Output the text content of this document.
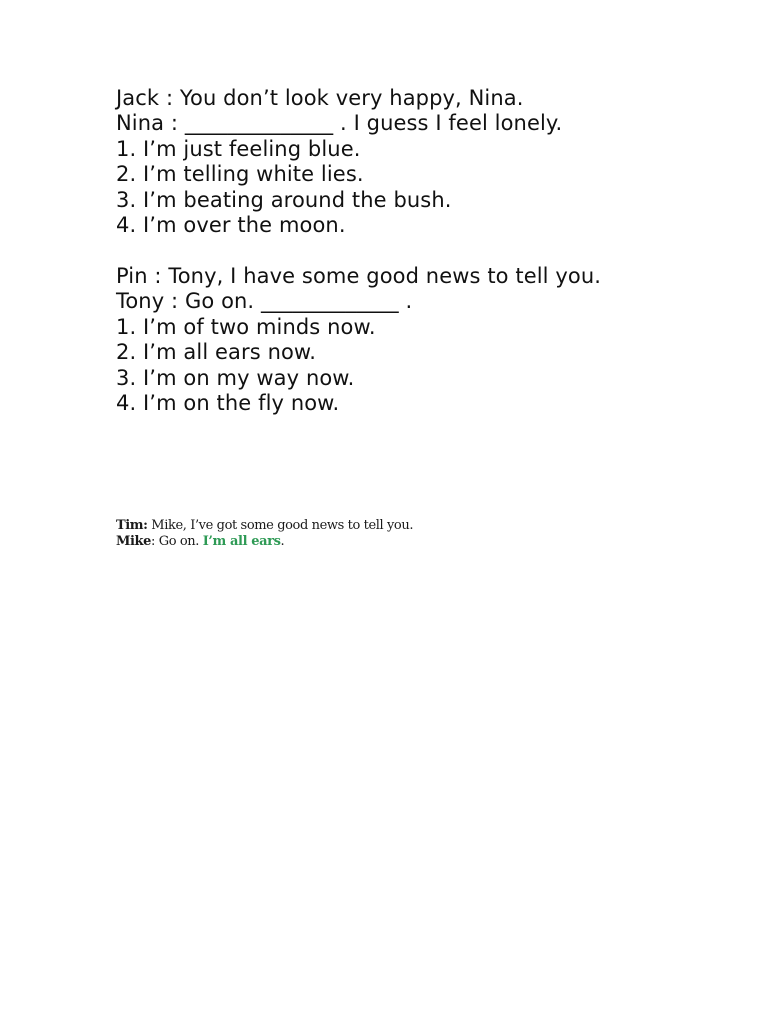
Jack : You don’t look very happy, Nina.

Nina : ______________ . I guess I feel lonely.

1. I’m just feeling blue.

2. I’m telling white lies.

3. I’m beating around the bush.

4. I’m over the moon.

Pin : Tony, I have some good news to tell you.

Tony : Go on. _____________ .

1. I’m of two minds now.

2. I’m all ears now.

3. I’m on my way now.

4. I’m on the fly now.

Tim: Mike, I’ve got some good news to tell you.
Mike: Go on. I’m all ears.
